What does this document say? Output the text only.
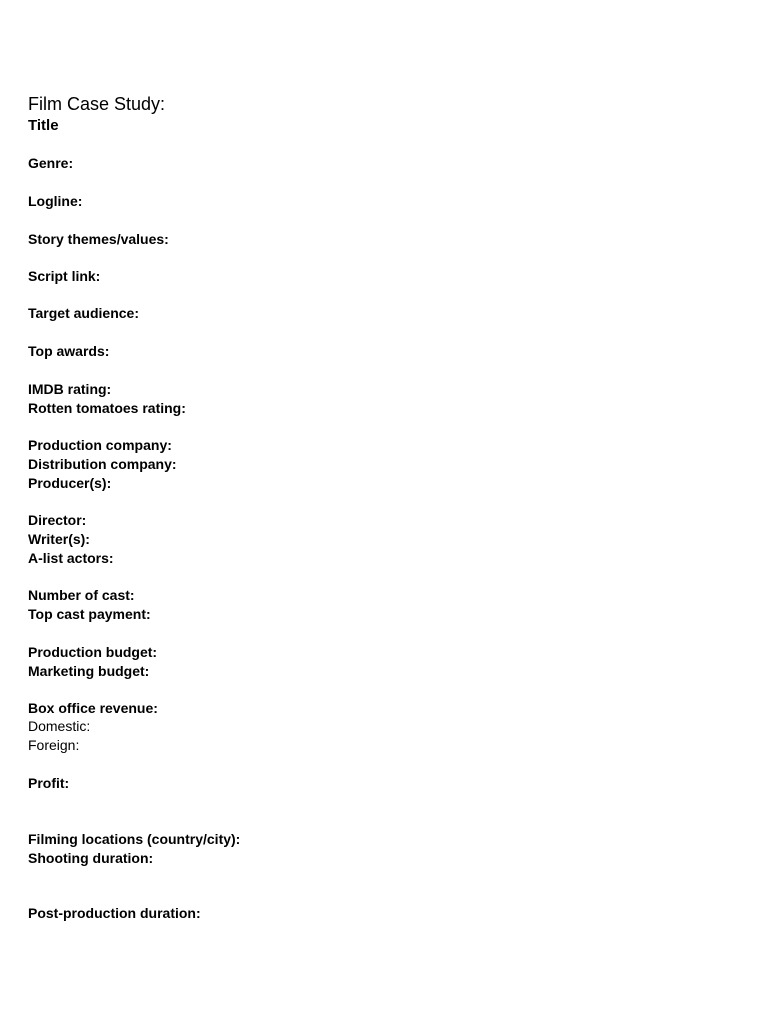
Film Case Study:
Title
Genre:
Logline:
Story themes/values:
Script link:
Target audience:
Top awards:
IMDB rating:
Rotten tomatoes rating:
Production company:
Distribution company:
Producer(s):
Director:
Writer(s):
A-list actors:
Number of cast:
Top cast payment:
Production budget:
Marketing budget:
Box office revenue:
Domestic:
Foreign:
Profit:
Filming locations (country/city):
Shooting duration:
Post-production duration:
